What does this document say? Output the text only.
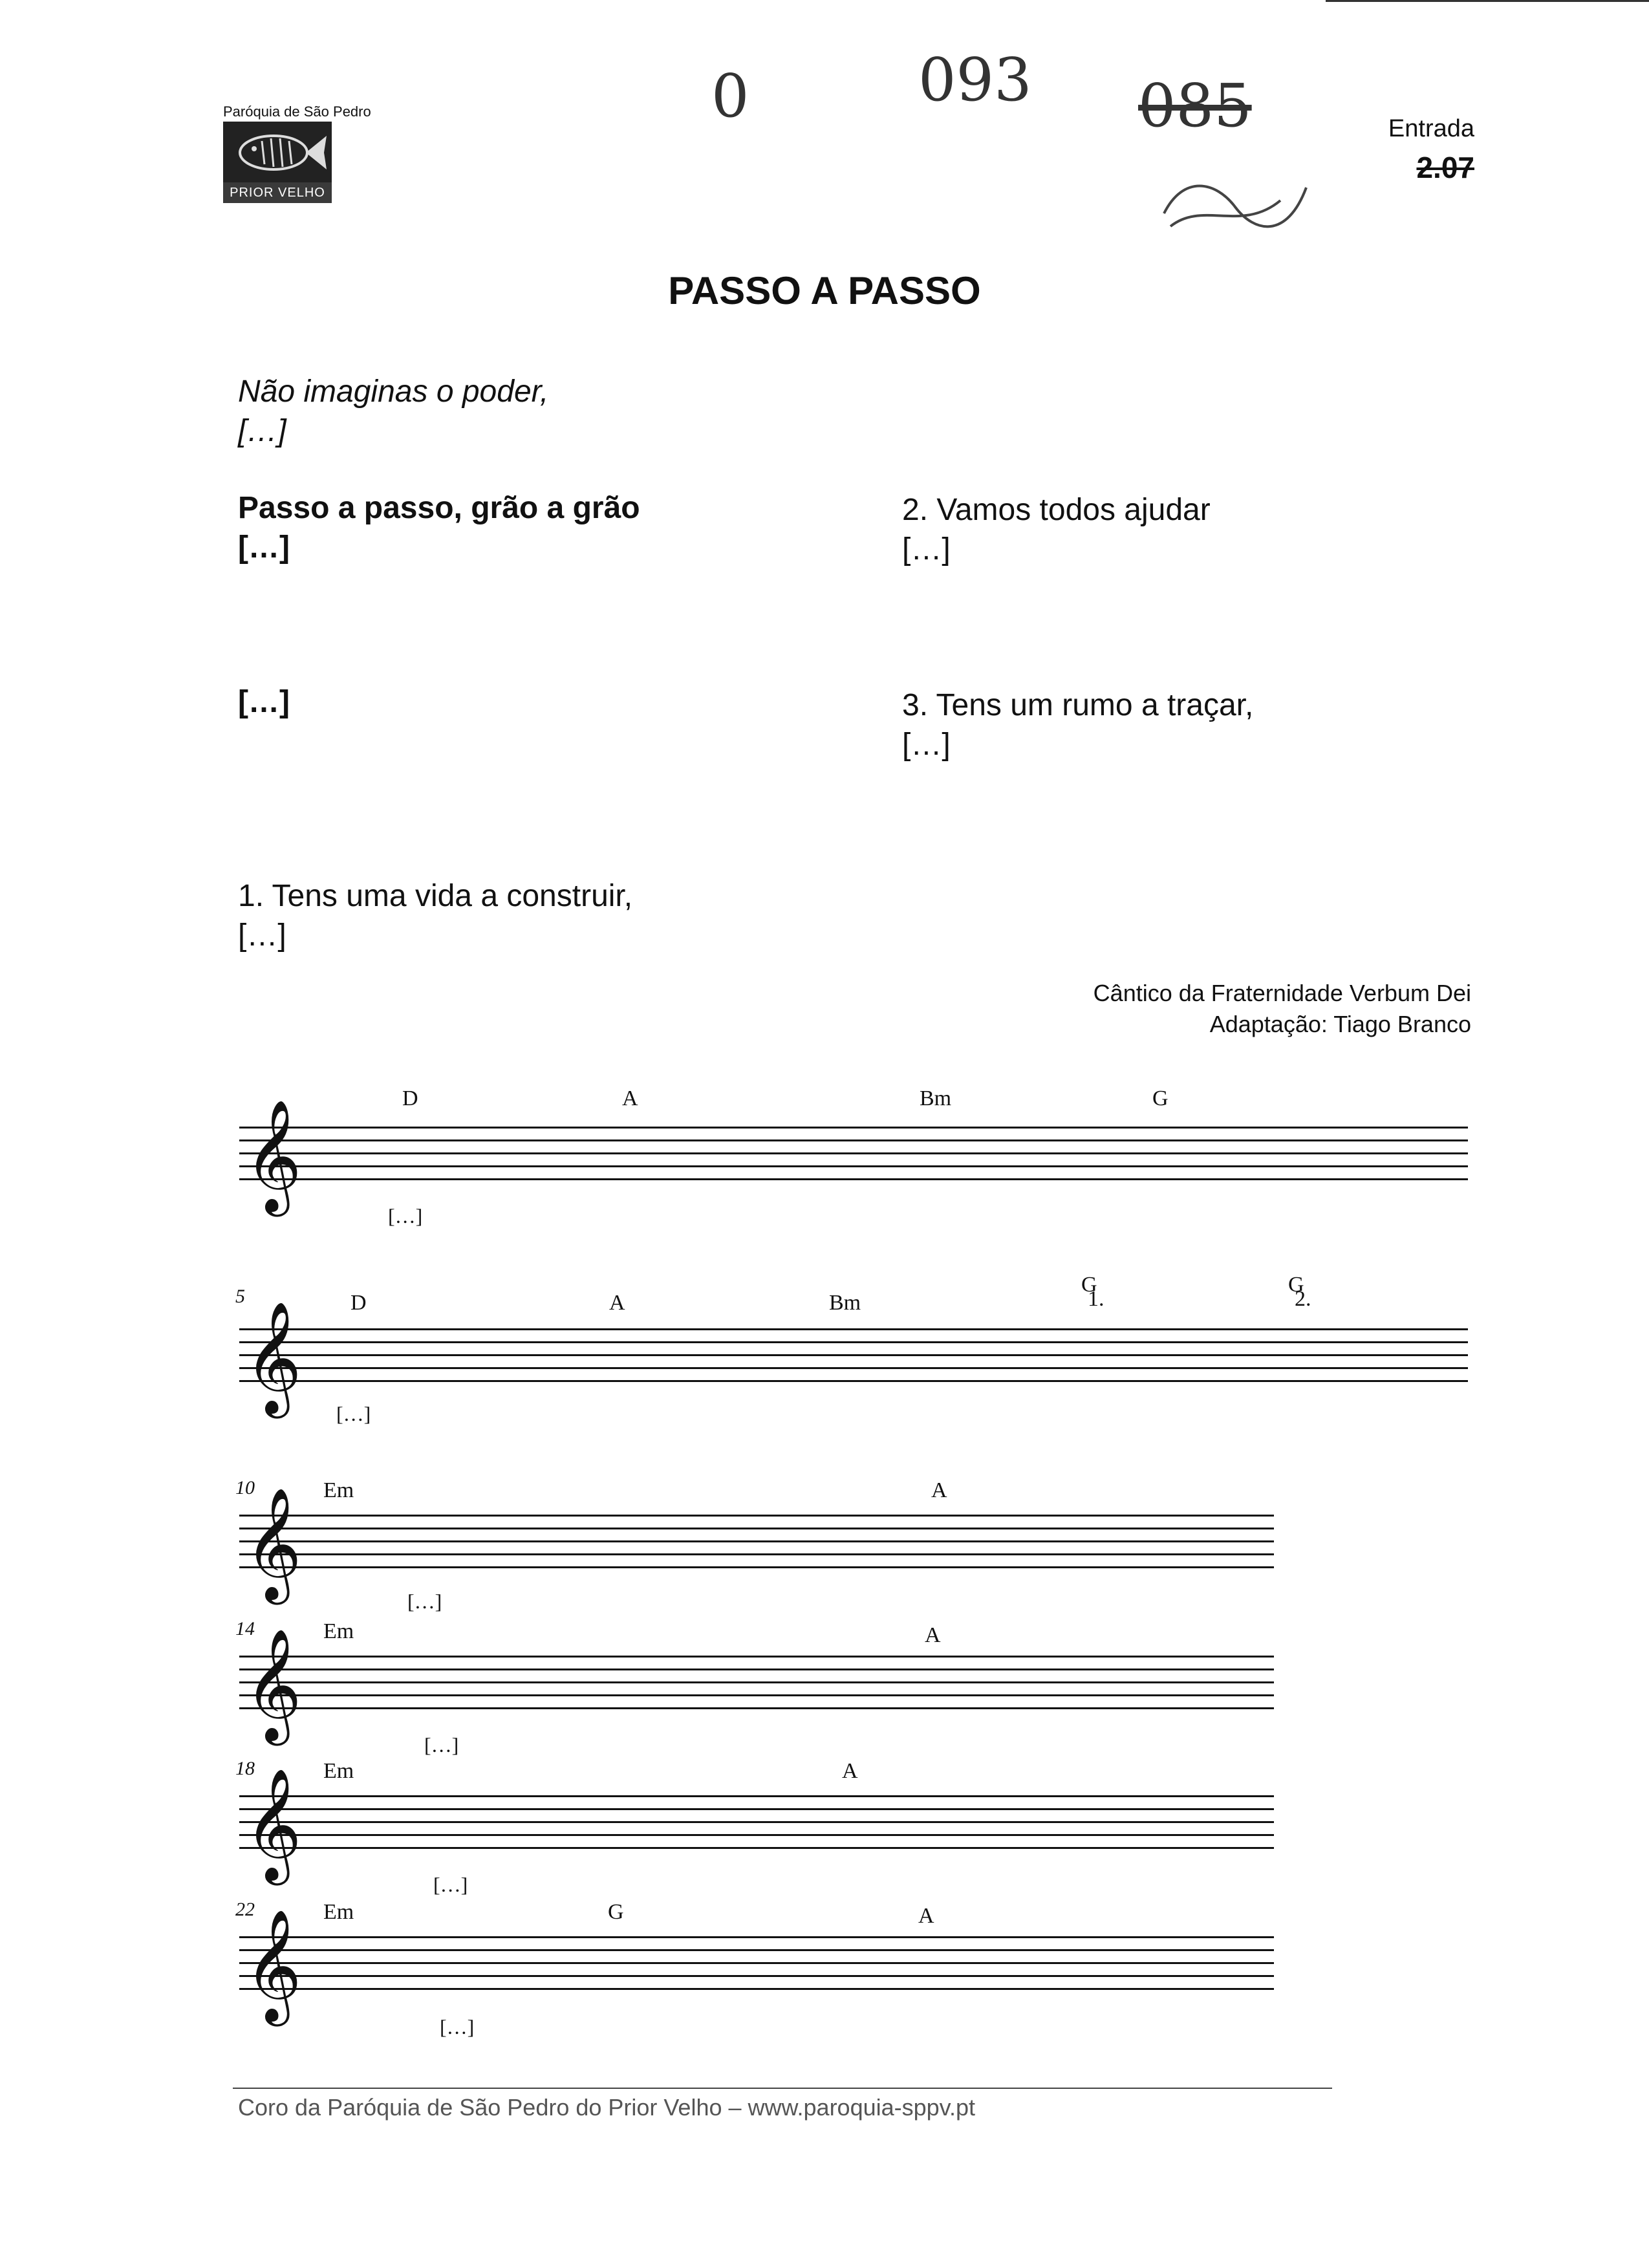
Paróquia de São Pedro
PRIOR VELHO
0	093 085	Entrada
2.07
PASSO A PASSO
Não imaginas o poder,
[…]
Passo a passo, grão a grão
[…]
[…]
2. Vamos todos ajudar
[…]
3. Tens um rumo a traçar,
[…]
1. Tens uma vida a construir,
[…]
Cântico da Fraternidade Verbum Dei
Adaptação: Tiago Branco
D	A	Bm	G
𝄞
[…]
5	D	A	Bm
G	G
1.	2.
𝄞 […]
10	Em	A
𝄞
[…]
14	Em	A
𝄞
[…]
18	Em	A
𝄞
[…]
22	Em	G	A
𝄞
[…]
Coro da Paróquia de São Pedro do Prior Velho – www.paroquia-sppv.pt
